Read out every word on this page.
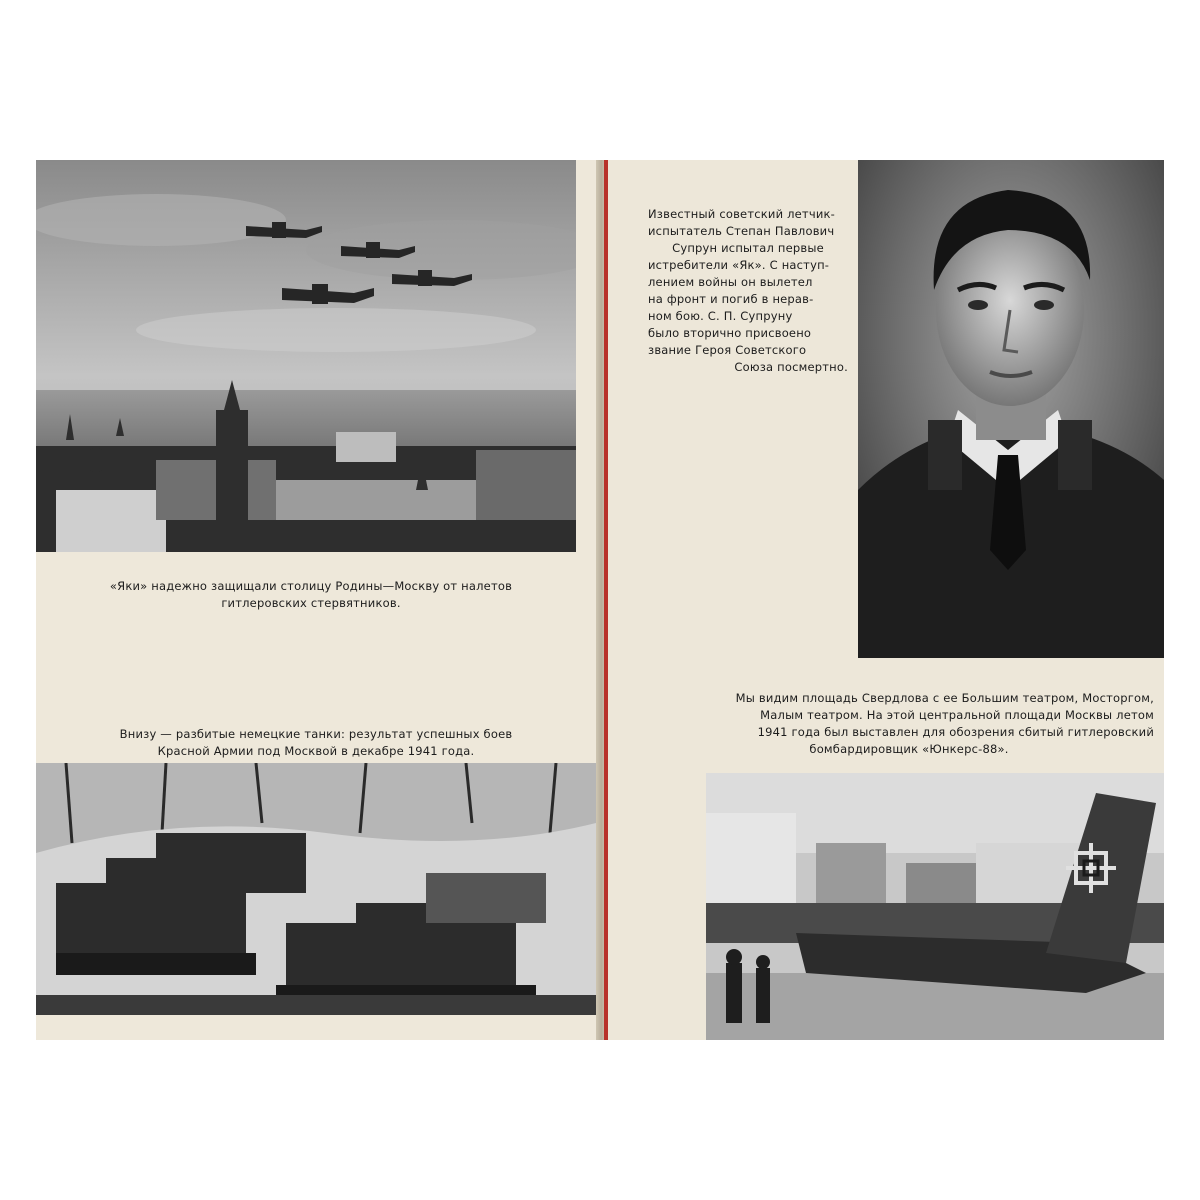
«Яки» надежно защищали столицу Родины—Москву от налетов

гитлеровских стервятников.

Внизу — разбитые немецкие танки: результат успешных боев

Красной Армии под Москвой в декабре 1941 года.

Известный советский летчик-

испытатель Степан Павлович

Супрун испытал первые

истребители «Як». С наступ-

лением войны он вылетел

на фронт и погиб в нерав-

ном бою. С. П. Супруну

было вторично присвоено

звание Героя Советского

Союза посмертно.

Мы видим площадь Свердлова с ее Большим театром, Мосторгом,

Малым театром. На этой центральной площади Москвы летом

1941 года был выставлен для обозрения сбитый гитлеровский

бомбардировщик «Юнкерс-88».
